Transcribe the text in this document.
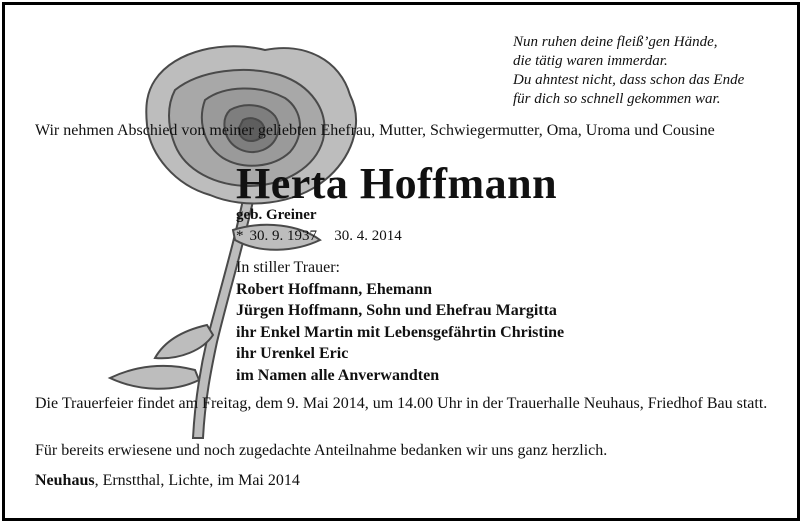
Nun ruhen deine fleiß’gen Hände,
die tätig waren immerdar.
Du ahntest nicht, dass schon das Ende
für dich so schnell gekommen war.
Wir nehmen Abschied von meiner geliebten Ehefrau, Mutter, Schwiegermutter, Oma, Uroma und Cousine
Herta Hoffmann
geb. Greiner
* 30. 9. 1937 30. 4. 2014
In stiller Trauer:
Robert Hoffmann, Ehemann
Jürgen Hoffmann, Sohn und Ehefrau Margitta
ihr Enkel Martin mit Lebensgefährtin Christine
ihr Urenkel Eric
im Namen alle Anverwandten
Die Trauerfeier findet am Freitag, dem 9. Mai 2014, um 14.00 Uhr in der Trauerhalle Neuhaus, Friedhof Bau statt.
Für bereits erwiesene und noch zugedachte Anteilnahme bedanken wir uns ganz herzlich.
Neuhaus, Ernstthal, Lichte, im Mai 2014
